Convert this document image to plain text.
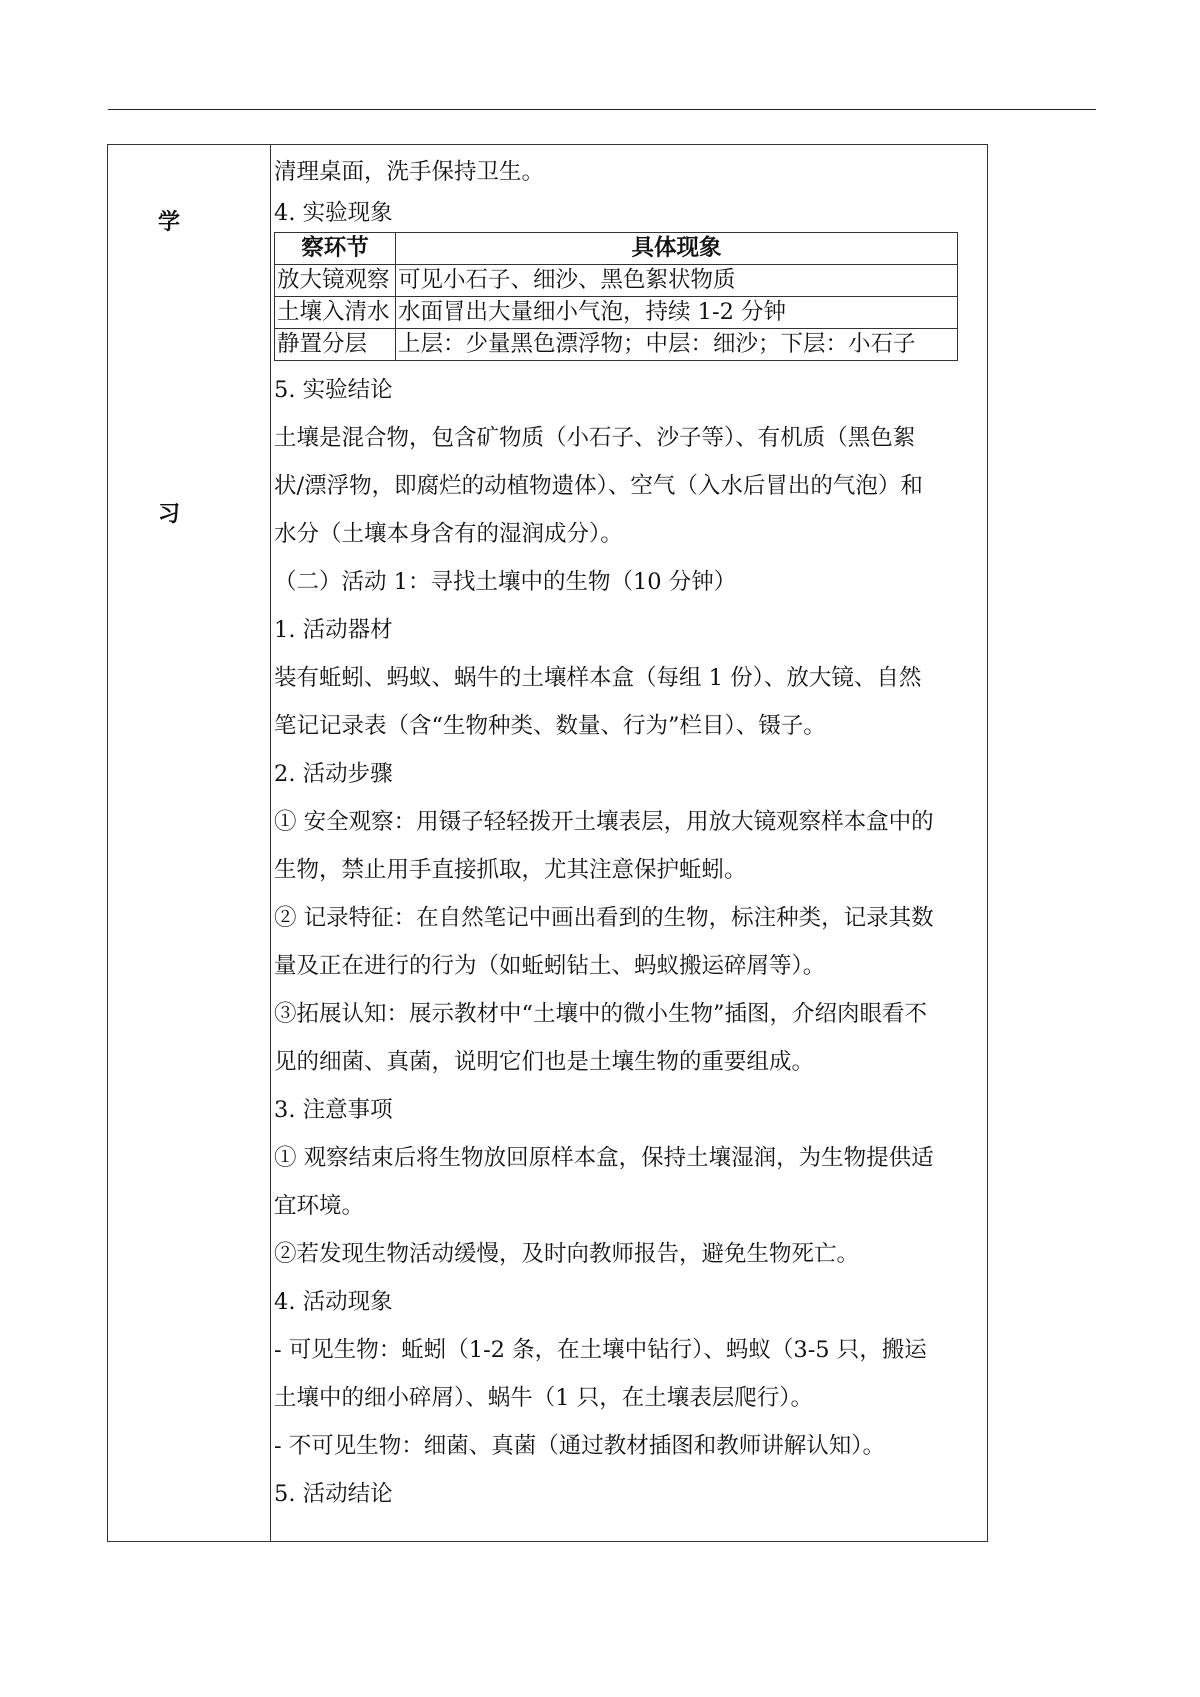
学
习
清理桌面，洗手保持卫生。
4. 实验现象
察环节	具体现象
放大镜观察	可见小石子、细沙、黑色絮状物质
土壤入清水	水面冒出大量细小气泡，持续 1-2 分钟
静置分层	上层：少量黑色漂浮物；中层：细沙；下层：小石子
5. 实验结论
土壤是混合物，包含矿物质（小石子、沙子等）、有机质（黑色絮
状/漂浮物，即腐烂的动植物遗体）、空气（入水后冒出的气泡）和
水分（土壤本身含有的湿润成分）。
（二）活动 1：寻找土壤中的生物（10 分钟）
1. 活动器材
装有蚯蚓、蚂蚁、蜗牛的土壤样本盒（每组 1 份）、放大镜、自然
笔记记录表（含“生物种类、数量、行为”栏目）、镊子。
2. 活动步骤
① 安全观察：用镊子轻轻拨开土壤表层，用放大镜观察样本盒中的
生物，禁止用手直接抓取，尤其注意保护蚯蚓。
② 记录特征：在自然笔记中画出看到的生物，标注种类，记录其数
量及正在进行的行为（如蚯蚓钻土、蚂蚁搬运碎屑等）。
③拓展认知：展示教材中“土壤中的微小生物”插图，介绍肉眼看不
见的细菌、真菌，说明它们也是土壤生物的重要组成。
3. 注意事项
① 观察结束后将生物放回原样本盒，保持土壤湿润，为生物提供适
宜环境。
②若发现生物活动缓慢，及时向教师报告，避免生物死亡。
4. 活动现象
- 可见生物：蚯蚓（1-2 条，在土壤中钻行）、蚂蚁（3-5 只，搬运
土壤中的细小碎屑）、蜗牛（1 只，在土壤表层爬行）。
- 不可见生物：细菌、真菌（通过教材插图和教师讲解认知）。
5. 活动结论
